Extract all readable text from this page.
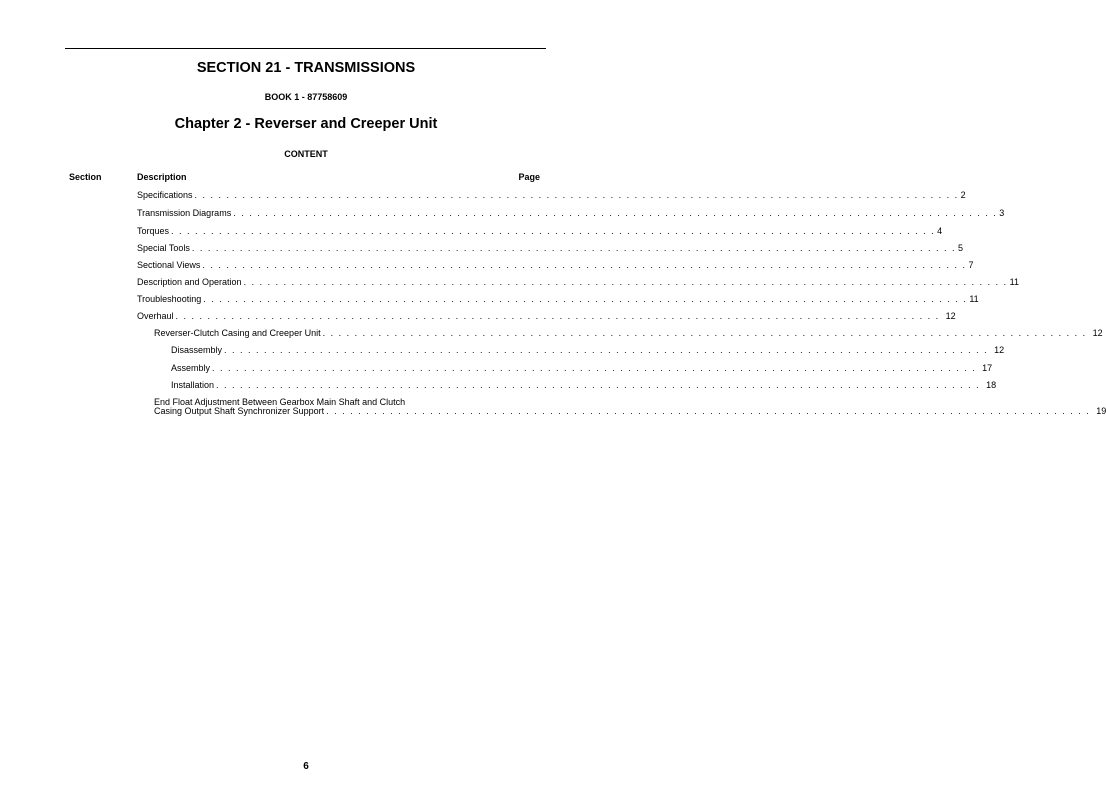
SECTION 21 - TRANSMISSIONS
BOOK 1 - 87758609
Chapter 2 - Reverser and Creeper Unit
CONTENT
Section	Description	Page
Specifications . . . . . . . . . . . . . . . . . . . . . . . . . . . . . . . . . . . . . . . . . . . . . . . . . . . . . . . . . . . . . . . . . . . . . . . . . . . . . . . . . . . . . . . . . . . . . . . . 2
Transmission Diagrams . . . . . . . . . . . . . . . . . . . . . . . . . . . . . . . . . . . . . . . . . . . . . . . . . . . . . . . . . . . . . . . . . . . . . . . . . . . . . . . . . . . . . . . . . . . . . . . . 3
Torques . . . . . . . . . . . . . . . . . . . . . . . . . . . . . . . . . . . . . . . . . . . . . . . . . . . . . . . . . . . . . . . . . . . . . . . . . . . . . . . . . . . . . . . . . . . . . . . . 4
Special Tools . . . . . . . . . . . . . . . . . . . . . . . . . . . . . . . . . . . . . . . . . . . . . . . . . . . . . . . . . . . . . . . . . . . . . . . . . . . . . . . . . . . . . . . . . . . . . . . . 5
Sectional Views . . . . . . . . . . . . . . . . . . . . . . . . . . . . . . . . . . . . . . . . . . . . . . . . . . . . . . . . . . . . . . . . . . . . . . . . . . . . . . . . . . . . . . . . . . . . . . . . 7
Description and Operation . . . . . . . . . . . . . . . . . . . . . . . . . . . . . . . . . . . . . . . . . . . . . . . . . . . . . . . . . . . . . . . . . . . . . . . . . . . . . . . . . . . . . . . . . . . . . . . . 11
Troubleshooting . . . . . . . . . . . . . . . . . . . . . . . . . . . . . . . . . . . . . . . . . . . . . . . . . . . . . . . . . . . . . . . . . . . . . . . . . . . . . . . . . . . . . . . . . . . . . . . . 11
Overhaul . . . . . . . . . . . . . . . . . . . . . . . . . . . . . . . . . . . . . . . . . . . . . . . . . . . . . . . . . . . . . . . . . . . . . . . . . . . . . . . . . . . . . . . . . . . . . . . . 12
Reverser-Clutch Casing and Creeper Unit . . . . . . . . . . . . . . . . . . . . . . . . . . . . . . . . . . . . . . . . . . . . . . . . . . . . . . . . . . . . . . . . . . . . . . . . . . . . . . . . . . . . . . . . . . . . . . . . 12
Disassembly . . . . . . . . . . . . . . . . . . . . . . . . . . . . . . . . . . . . . . . . . . . . . . . . . . . . . . . . . . . . . . . . . . . . . . . . . . . . . . . . . . . . . . . . . . . . . . . . 12
Assembly . . . . . . . . . . . . . . . . . . . . . . . . . . . . . . . . . . . . . . . . . . . . . . . . . . . . . . . . . . . . . . . . . . . . . . . . . . . . . . . . . . . . . . . . . . . . . . . . 17
Installation . . . . . . . . . . . . . . . . . . . . . . . . . . . . . . . . . . . . . . . . . . . . . . . . . . . . . . . . . . . . . . . . . . . . . . . . . . . . . . . . . . . . . . . . . . . . . . . . 18
End Float Adjustment Between Gearbox Main Shaft and Clutch
Casing Output Shaft Synchronizer Support . . . . . . . . . . . . . . . . . . . . . . . . . . . . . . . . . . . . . . . . . . . . . . . . . . . . . . . . . . . . . . . . . . . . . . . . . . . . . . . . . . . . . . . . . . . . . . . . 19
6
